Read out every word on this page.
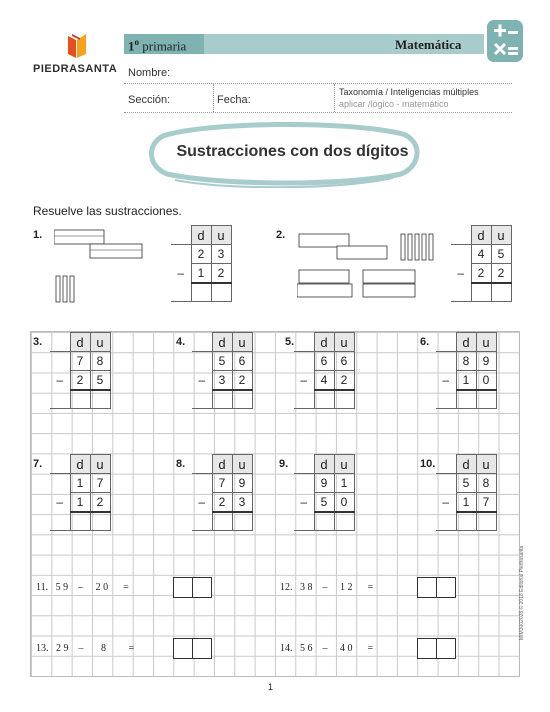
PIEDRASANTA
1$^o$ primaria	Matemática
Nombre:
Sección:	Fecha:
Taxonomía / Inteligencias múltiples
aplicar /lógico - matemático
Sustracciones con dos dígitos
Resuelve las sustracciones.
1.
		d	u
	2	3
–	1	2

2.
		d	u
	4	5
–	2	2

3.
		d	u
	7	8
–	2	5

4.
		d	u
	5	6
–	3	2

5.
	d	u
	6	6
–	4	2

6.
		d	u
	8	9
–	1	0

7.
		d	u
	1	7
–	1	2

8.
		d	u
	7	9
–	2	3

9.
	d	u
	9	1
–	5	0

10.
	d	u
	5	8
–	1	7

11. 5 9 – 2 0 =	12. 3 8 – 1 2 =
13. 2 9 – 8 =	14. 5 6 – 4 0 =
1
MIM3002028 © 2018 Editorial Piedrasanta
